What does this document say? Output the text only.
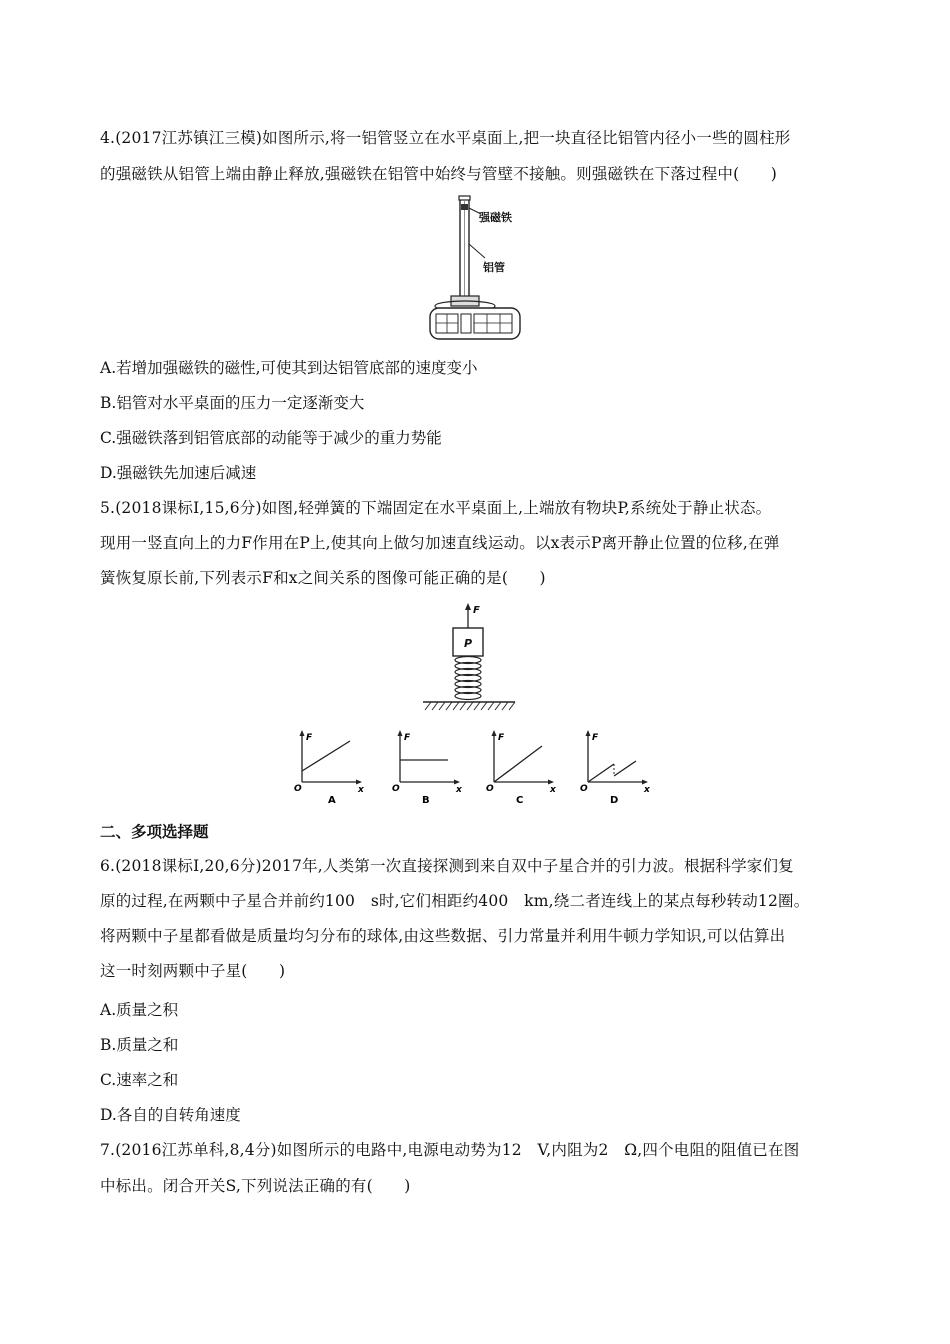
4.(2017江苏镇江三模)如图所示,将一铝管竖立在水平桌面上,把一块直径比铝管内径小一些的圆柱形
的强磁铁从铝管上端由静止释放,强磁铁在铝管中始终与管壁不接触。则强磁铁在下落过程中(　　)
强磁铁
铝管
A.若增加强磁铁的磁性,可使其到达铝管底部的速度变小
B.铝管对水平桌面的压力一定逐渐变大
C.强磁铁落到铝管底部的动能等于减少的重力势能
D.强磁铁先加速后减速
5.(2018课标Ⅰ,15,6分)如图,轻弹簧的下端固定在水平桌面上,上端放有物块P,系统处于静止状态。
现用一竖直向上的力F作用在P上,使其向上做匀加速直线运动。以x表示P离开静止位置的位移,在弹
簧恢复原长前,下列表示F和x之间关系的图像可能正确的是(　　)
F
P
F
O	x
A
F
O	x
B
F
O	x
C
F
O	x
D
二、多项选择题
6.(2018课标Ⅰ,20,6分)2017年,人类第一次直接探测到来自双中子星合并的引力波。根据科学家们复
原的过程,在两颗中子星合并前约100　s时,它们相距约400　km,绕二者连线上的某点每秒转动12圈。
将两颗中子星都看做是质量均匀分布的球体,由这些数据、引力常量并利用牛顿力学知识,可以估算出
这一时刻两颗中子星(　　)
A.质量之积
B.质量之和
C.速率之和
D.各自的自转角速度
7.(2016江苏单科,8,4分)如图所示的电路中,电源电动势为12　V,内阻为2　Ω,四个电阻的阻值已在图
中标出。闭合开关S,下列说法正确的有(　　)
